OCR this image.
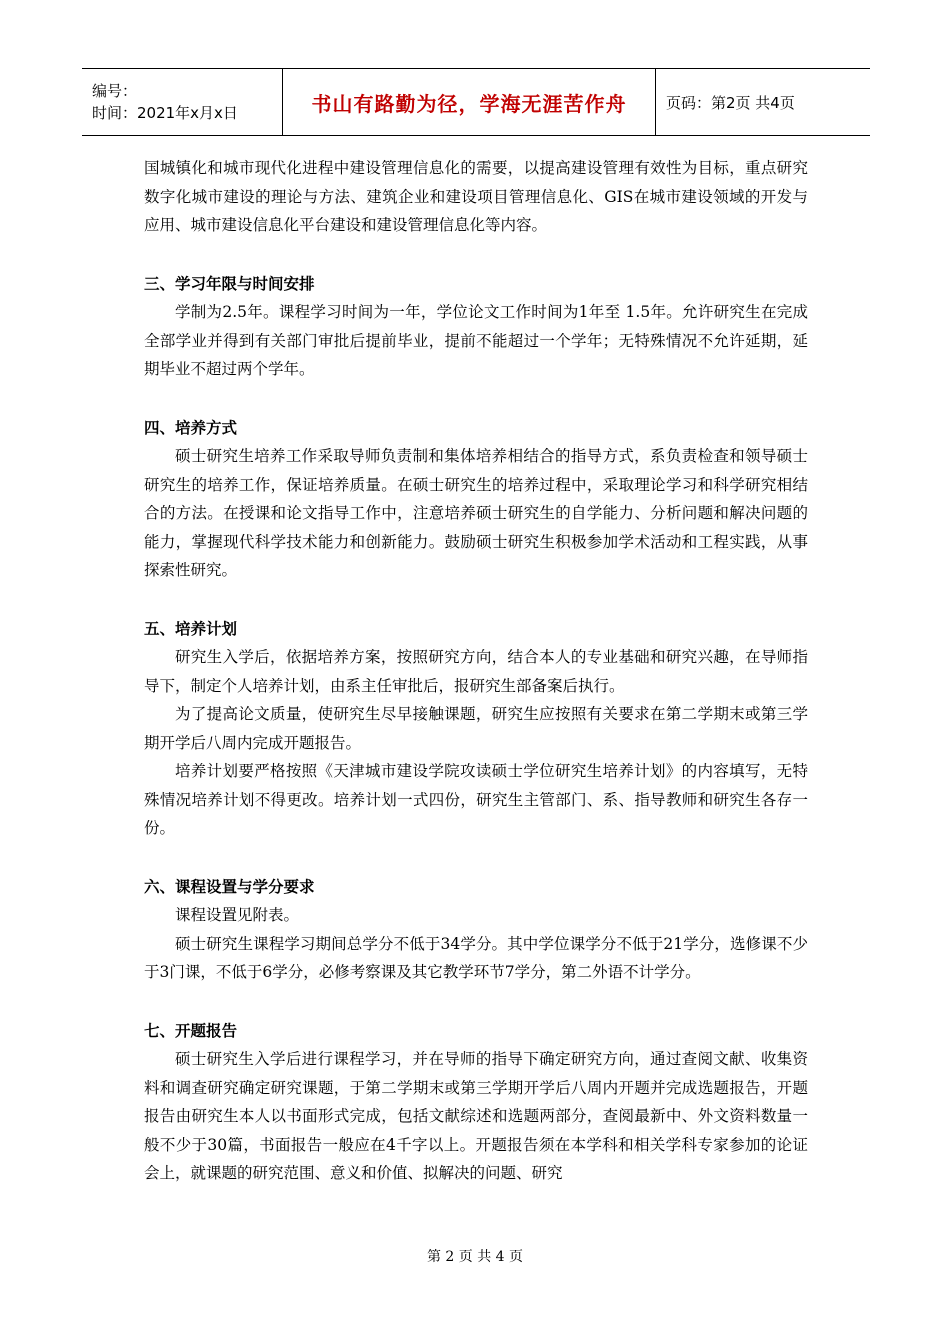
编号：
时间：2021年x月x日	书山有路勤为径，学海无涯苦作舟	页码：第2页 共4页

国城镇化和城市现代化进程中建设管理信息化的需要，以提高建设管理有效性为目标，重点研究数字化城市建设的理论与方法、建筑企业和建设项目管理信息化、GIS在城市建设领域的开发与应用、城市建设信息化平台建设和建设管理信息化等内容。

三、学习年限与时间安排

学制为2.5年。课程学习时间为一年，学位论文工作时间为1年至 1.5年。允许研究生在完成全部学业并得到有关部门审批后提前毕业，提前不能超过一个学年；无特殊情况不允许延期，延期毕业不超过两个学年。

四、培养方式

硕士研究生培养工作采取导师负责制和集体培养相结合的指导方式，系负责检查和领导硕士研究生的培养工作，保证培养质量。在硕士研究生的培养过程中，采取理论学习和科学研究相结合的方法。在授课和论文指导工作中，注意培养硕士研究生的自学能力、分析问题和解决问题的能力，掌握现代科学技术能力和创新能力。鼓励硕士研究生积极参加学术活动和工程实践，从事探索性研究。

五、培养计划

研究生入学后，依据培养方案，按照研究方向，结合本人的专业基础和研究兴趣，在导师指导下，制定个人培养计划，由系主任审批后，报研究生部备案后执行。

为了提高论文质量，使研究生尽早接触课题，研究生应按照有关要求在第二学期末或第三学期开学后八周内完成开题报告。

培养计划要严格按照《天津城市建设学院攻读硕士学位研究生培养计划》的内容填写，无特殊情况培养计划不得更改。培养计划一式四份，研究生主管部门、系、指导教师和研究生各存一份。

六、课程设置与学分要求

课程设置见附表。

硕士研究生课程学习期间总学分不低于34学分。其中学位课学分不低于21学分，选修课不少于3门课，不低于6学分，必修考察课及其它教学环节7学分，第二外语不计学分。

七、开题报告

硕士研究生入学后进行课程学习，并在导师的指导下确定研究方向，通过查阅文献、收集资料和调查研究确定研究课题，于第二学期末或第三学期开学后八周内开题并完成选题报告，开题报告由研究生本人以书面形式完成，包括文献综述和选题两部分，查阅最新中、外文资料数量一般不少于30篇，书面报告一般应在4千字以上。开题报告须在本学科和相关学科专家参加的论证会上，就课题的研究范围、意义和价值、拟解决的问题、研究

第 2 页 共 4 页
